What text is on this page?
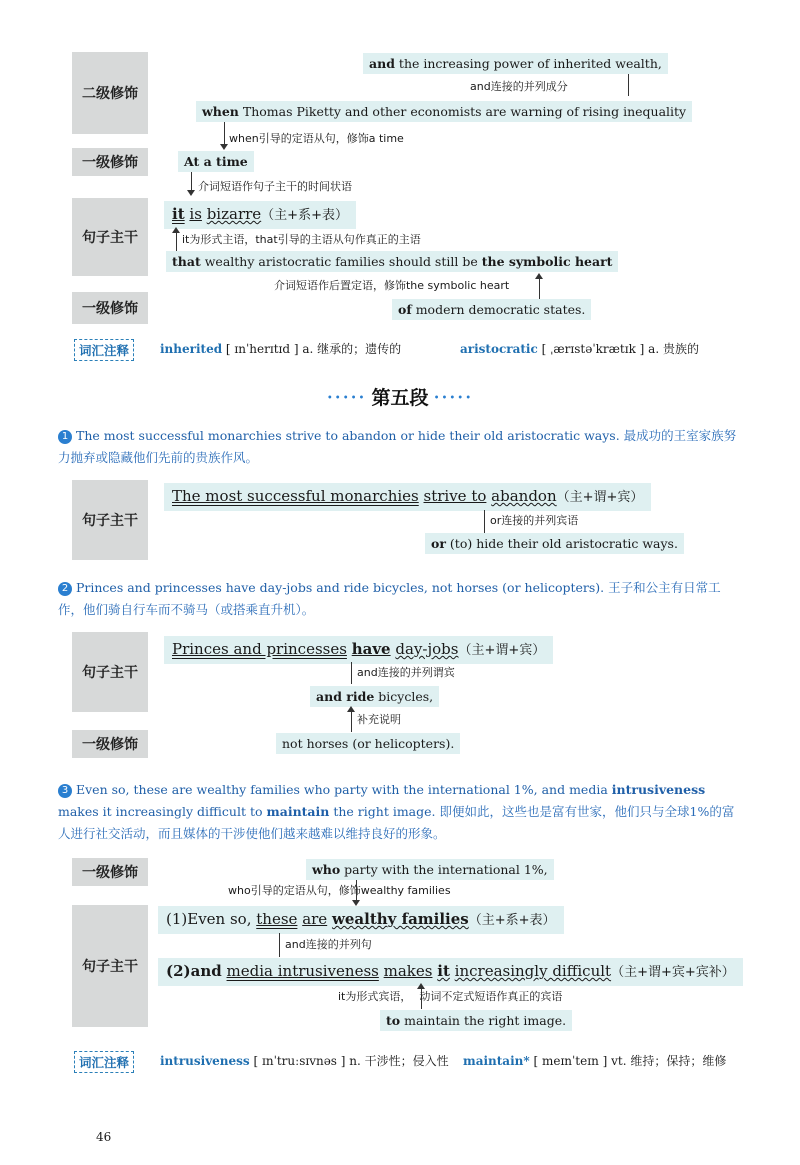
二级修饰
一级修饰
句子主干
一级修饰
and the increasing power of inherited wealth,
and连接的并列成分
when Thomas Piketty and other economists are warning of rising inequality
when引导的定语从句，修饰a time
At a time
介词短语作句子主干的时间状语
it is bizarre（主+系+表）
it为形式主语，that引导的主语从句作真正的主语
that wealthy aristocratic families should still be the symbolic heart
介词短语作后置定语，修饰the symbolic heart
of modern democratic states.
词汇注释	inherited [ ɪnˈherɪtɪd ] a. 继承的；遗传的	aristocratic [ ˌærɪstəˈkrætɪk ] a. 贵族的
••••• 第五段 •••••
1 The most successful monarchies strive to abandon or hide their old aristocratic ways. 最成功的王室家族努力抛弃或隐藏他们先前的贵族作风。
句子主干
The most successful monarchies strive to abandon（主+谓+宾）
or连接的并列宾语
or (to) hide their old aristocratic ways.
2 Princes and princesses have day-jobs and ride bicycles, not horses (or helicopters). 王子和公主有日常工作，他们骑自行车而不骑马（或搭乘直升机）。
句子主干
一级修饰
Princes and princesses have day-jobs（主+谓+宾）
and连接的并列谓宾
and ride bicycles,
补充说明
not horses (or helicopters).
3 Even so, these are wealthy families who party with the international 1%, and media intrusiveness makes it increasingly difficult to maintain the right image. 即便如此，这些也是富有世家，他们只与全球1%的富人进行社交活动，而且媒体的干涉使他们越来越难以维持良好的形象。
一级修饰
句子主干
who party with the international 1%,
who引导的定语从句，修饰wealthy families
(1)Even so, these are wealthy families（主+系+表）
and连接的并列句
(2)and media intrusiveness makes it increasingly difficult（主+谓+宾+宾补）
it为形式宾语， 动词不定式短语作真正的宾语
to maintain the right image.
词汇注释	intrusiveness [ ɪnˈtruːsɪvnəs ] n. 干涉性；侵入性 maintain* [ meɪnˈteɪn ] vt. 维持；保持；维修
46
